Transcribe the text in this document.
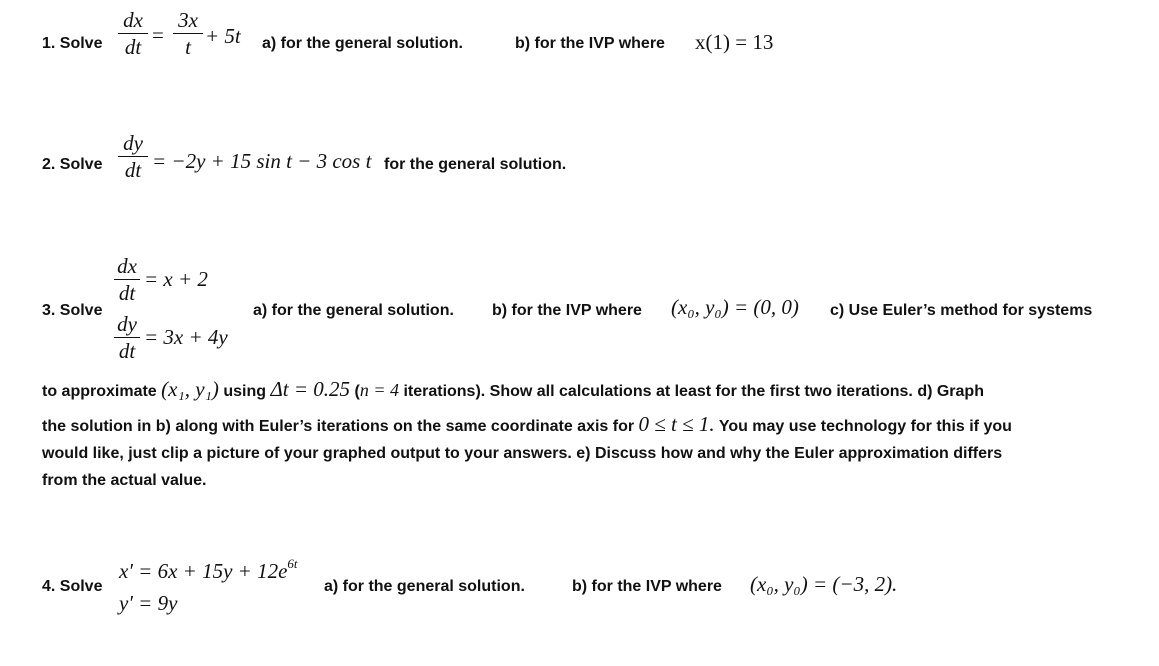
1. Solve
dx
dt =
3x
t + 5t a) for the general solution.	b) for the IVP where x(1) = 13
2. Solve
dy
dt = −2y + 15 sin t − 3 cos t for the general solution.
3. Solve
dx
dt
= x + 2
dy
dt
= 3x + 4y
a) for the general solution. b) for the IVP where (x₀, y₀) = (0, 0) c) Use Euler’s method for systems
to approximate (x₁, y₁) using Δt = 0.25 (n = 4 iterations). Show all calculations at least for the first two iterations. d) Graph
the solution in b) along with Euler’s iterations on the same coordinate axis for 0 ≤ t ≤ 1. You may use technology for this if you
would like, just clip a picture of your graphed output to your answers. e) Discuss how and why the Euler approximation differs
from the actual value.
4. Solve
$x' = 6x + 15y + 12e^{6t}$
y′ = 9y
a) for the general solution.	b) for the IVP where (x₀, y₀) = (−3, 2).
